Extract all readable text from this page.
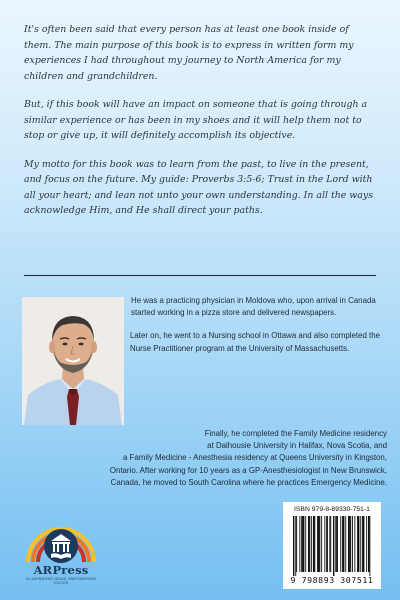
It's often been said that every person has at least one book inside of them. The main purpose of this book is to express in written form my experiences I had throughout my journey to North America for my children and grandchildren.

But, if this book will have an impact on someone that is going through a similar experience or has been in my shoes and it will help them not to stop or give up, it will definitely accomplish its objective.

My motto for this book was to learn from the past, to live in the present, and focus on the future. My guide: Proverbs 3:5-6; Trust in the Lord with all your heart; and lean not unto your own understanding. In all the ways acknowledge Him, and He shall direct your paths.

He was a practicing physician in Moldova who, upon arrival in Canada started working in a pizza store and delivered newspapers.

Later on, he went to a Nursing school in Ottawa and also completed the Nurse Practitioner program at the University of Massachusetts.

Finally, he completed the Family Medicine residency
at Dalhousie University in Halifax, Nova Scotia, and
a Family Medicine - Anesthesia residency at Queens University in Kingston,
Ontario. After working for 10 years as a GP-Anesthesiologist in New Brunswick,
Canada, he moved to South Carolina where he practices Emergency Medicine.
ARPress
ILLUMINATING IDEAS, EMPOWERING VOICES
ISBN 979-8-89330-751-1
9 798893 307511
